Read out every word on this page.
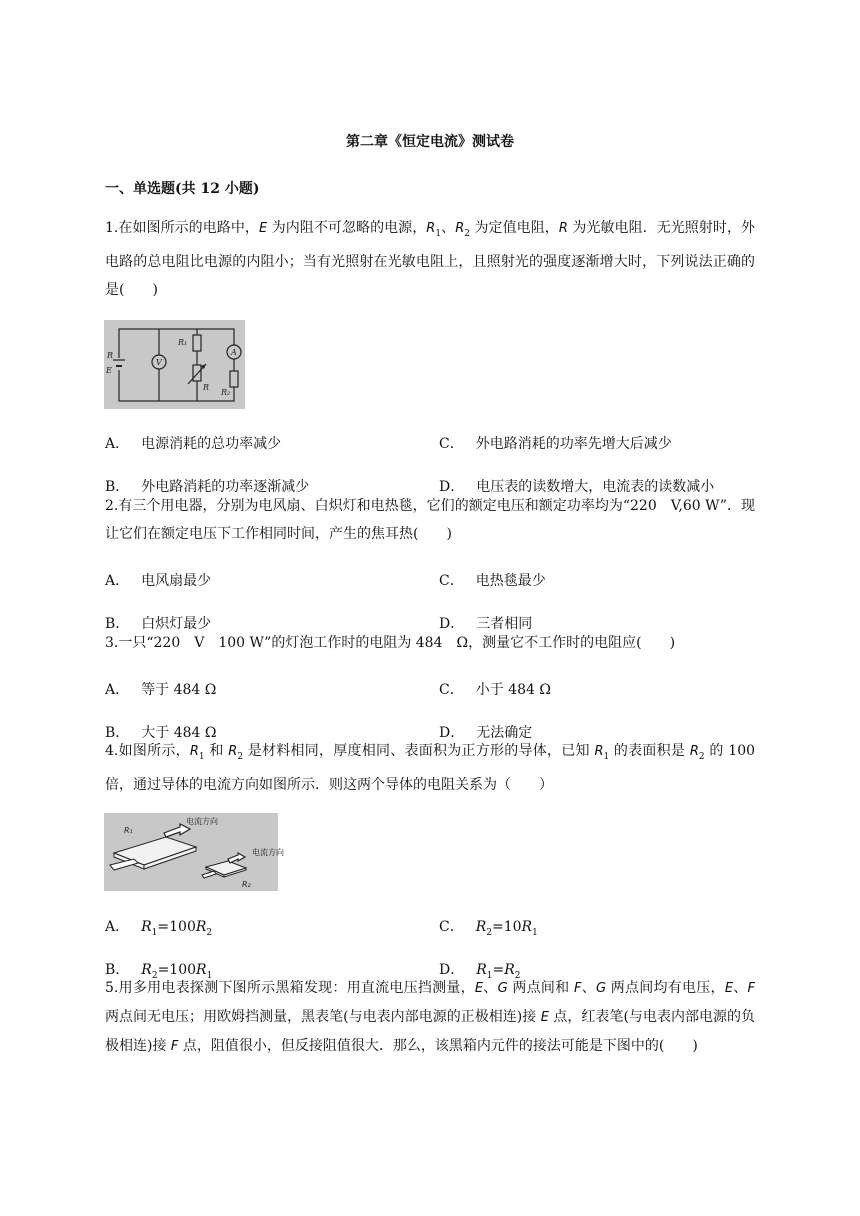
第二章《恒定电流》测试卷
一、单选题(共 12 小题)
1.在如图所示的电路中，E 为内阻不可忽略的电源，$R_1$、$R_2$ 为定值电阻，R 为光敏电阻．无光照射时，外电路的总电阻比电源的内阻小；当有光照射在光敏电阻上，且照射光的强度逐渐增大时，下列说法正确的是(　　)
V
A
R
E
R₁
R
R₂
A． 电源消耗的总功率减少	C． 外电路消耗的功率先增大后减少
B． 外电路消耗的功率逐渐减少	D． 电压表的读数增大，电流表的读数减小
2.有三个用电器，分别为电风扇、白炽灯和电热毯，它们的额定电压和额定功率均为“220　V,60 W”．现让它们在额定电压下工作相同时间，产生的焦耳热(　　)
A． 电风扇最少	C． 电热毯最少
B． 白炽灯最少	D． 三者相同
3.一只“220　V　100 W”的灯泡工作时的电阻为 484　Ω，测量它不工作时的电阻应(　　)
A． 等于 484 Ω	C． 小于 484 Ω
B． 大于 484 Ω	D． 无法确定
4.如图所示，$R_1$ 和 $R_2$ 是材料相同，厚度相同、表面积为正方形的导体，已知 $R_1$ 的表面积是 $R_2$ 的 100 倍，通过导体的电流方向如图所示．则这两个导体的电阻关系为（　　）
电流方向
电流方向
R₁
R₂
A． $R_1=100R_2$	C． $R_2=10R_1$
B． $R_2=100R_1$	D． $R_1=R_2$
5.用多用电表探测下图所示黑箱发现：用直流电压挡测量，E、G 两点间和 F、G 两点间均有电压，E、F 两点间无电压；用欧姆挡测量，黑表笔(与电表内部电源的正极相连)接 E 点，红表笔(与电表内部电源的负极相连)接 F 点，阻值很小，但反接阻值很大．那么，该黑箱内元件的接法可能是下图中的(　　)
